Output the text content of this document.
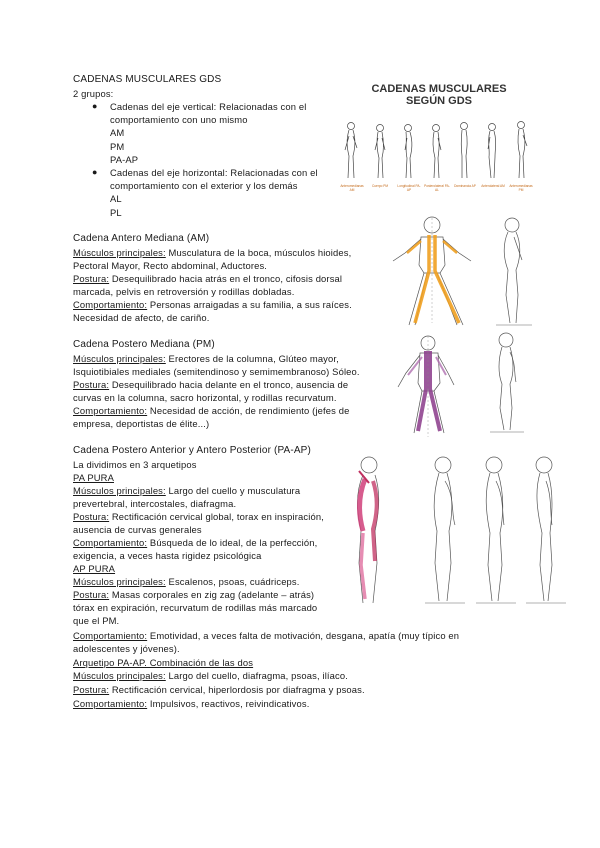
CADENAS MUSCULARES GDS
2 grupos:
● Cadenas del eje vertical: Relacionadas con el
comportamiento con uno mismo
AM
PM
PA-AP
● Cadenas del eje horizontal: Relacionadas con el
comportamiento con el exterior y los demás
AL
PL
CADENAS MUSCULARES
SEGÚN GDS
Anteromedianas AM
Cuerpo PM	Longitudinal PA-AP
Posterolateral PA-AL
Dominancia AP	Anterolateral AM	Anteromedianas PM
Cadena Antero Mediana (AM)
Músculos principales: Musculatura de la boca, músculos hioides,
Pectoral Mayor, Recto abdominal, Aductores.
Postura: Desequilibrado hacia atrás en el tronco, cifosis dorsal
marcada, pelvis en retroversión y rodillas dobladas.
Comportamiento: Personas arraigadas a su familia, a sus raíces.
Necesidad de afecto, de cariño.
Cadena Postero Mediana (PM)
Músculos principales: Erectores de la columna, Glúteo mayor,
Isquiotibiales mediales (semitendinoso y semimembranoso) Sóleo.
Postura: Desequilibrado hacia delante en el tronco, ausencia de
curvas en la columna, sacro horizontal, y rodillas recurvatum.
Comportamiento: Necesidad de acción, de rendimiento (jefes de
empresa, deportistas de élite...)
Cadena Postero Anterior y Antero Posterior (PA-AP)
La dividimos en 3 arquetipos
PA PURA
Músculos principales: Largo del cuello y musculatura
prevertebral, intercostales, diafragma.
Postura: Rectificación cervical global, torax en inspiración,
ausencia de curvas generales
Comportamiento: Búsqueda de lo ideal, de la perfección,
exigencia, a veces hasta rigidez psicológica
AP PURA
Músculos principales: Escalenos, psoas, cuádriceps.
Postura: Masas corporales en zig zag (adelante – atrás)
tórax en expiración, recurvatum de rodillas más marcado
que el PM.
Comportamiento: Emotividad, a veces falta de motivación, desgana, apatía (muy típico en
adolescentes y jóvenes).
Arquetipo PA-AP. Combinación de las dos
Músculos principales: Largo del cuello, diafragma, psoas, ilíaco.
Postura: Rectificación cervical, hiperlordosis por diafragma y psoas.
Comportamiento: Impulsivos, reactivos, reivindicativos.
